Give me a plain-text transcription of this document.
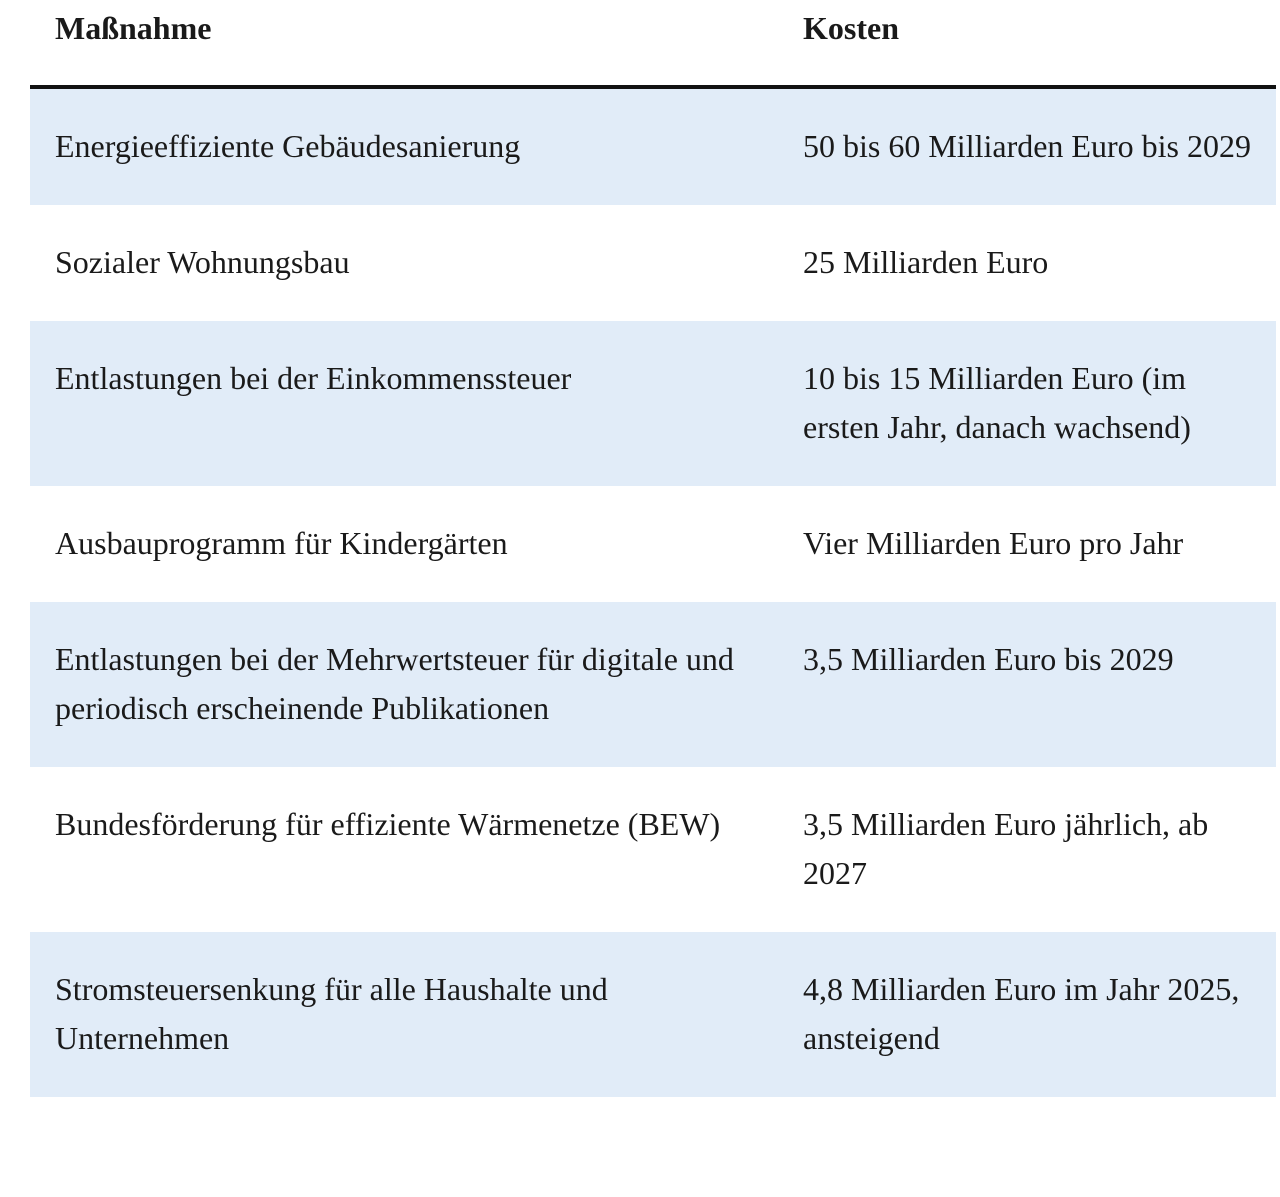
Maßnahme	Kosten
Energieeffiziente Gebäudesanierung	50 bis 60 Milliarden Euro bis 2029
Sozialer Wohnungsbau	25 Milliarden Euro
Entlastungen bei der Einkommenssteuer	10 bis 15 Milliarden Euro (im ersten Jahr, danach wachsend)
Ausbauprogramm für Kindergärten	Vier Milliarden Euro pro Jahr
Entlastungen bei der Mehrwertsteuer für digitale und periodisch erscheinende Publikationen	3,5 Milliarden Euro bis 2029
Bundesförderung für effiziente Wärmenetze (BEW)	3,5 Milliarden Euro jährlich, ab 2027
Stromsteuersenkung für alle Haushalte und Unternehmen	4,8 Milliarden Euro im Jahr 2025, ansteigend
